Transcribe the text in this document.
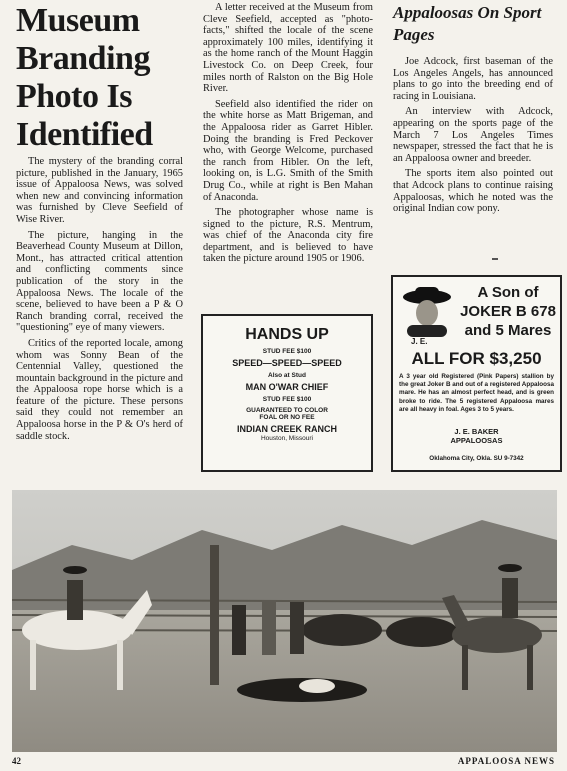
Museum Branding Photo Is Identified

The mystery of the branding corral picture, published in the January, 1965 issue of Appaloosa News, was solved when new and convincing information was furnished by Cleve Seefield of Wise River.

The picture, hanging in the Beaverhead County Museum at Dillon, Mont., has attracted critical attention and conflicting comments since publication of the story in the Appaloosa News. The locale of the scene, believed to have been a P & O Ranch branding corral, received the "questioning" eye of many viewers.

Critics of the reported locale, among whom was Sonny Bean of the Centennial Valley, questioned the mountain background in the picture and the Appaloosa rope horse which is a feature of the picture. These persons said they could not remember an Appaloosa horse in the P & O's herd of saddle stock.

A letter received at the Museum from Cleve Seefield, accepted as "photo-facts," shifted the locale of the scene approximately 100 miles, identifying it as the home ranch of the Mount Haggin Livestock Co. on Deep Creek, four miles north of Ralston on the Big Hole River.

Seefield also identified the rider on the white horse as Matt Brigeman, and the Appaloosa rider as Garret Hibler. Doing the branding is Fred Peckover who, with George Welcome, purchased the ranch from Hibler. On the left, looking on, is L.G. Smith of the Smith Drug Co., while at right is Ben Mahan of Anaconda.

The photographer whose name is signed to the picture, R.S. Mentrum, was chief of the Anaconda city fire department, and is believed to have taken the picture around 1905 or 1906.

Appaloosas On Sport Pages

Joe Adcock, first baseman of the Los Angeles Angels, has announced plans to go into the breeding end of racing in Louisiana.

An interview with Adcock, appearing on the sports page of the March 7 Los Angeles Times newspaper, stressed the fact that he is an Appaloosa owner and breeder.

The sports item also pointed out that Adcock plans to continue raising Appaloosas, which he noted was the original Indian cow pony.

HANDS UP
STUD FEE $100
SPEED—SPEED—SPEED
Also at Stud
MAN O'WAR CHIEF
STUD FEE $100
GUARANTEED TO COLOR
FOAL OR NO FEE
INDIAN CREEK RANCH
Houston, Missouri
A Son of JOKER B 678 and 5 Mares
J. E.
ALL FOR $3,250
A 3 year old Registered (Pink Papers) stallion by the great Joker B and out of a registered Appaloosa mare. He has an almost perfect head, and is green broke to ride. The 5 registered Appaloosa mares are all heavy in foal. Ages 3 to 5 years.
J. E. BAKER
APPALOOSAS
Oklahoma City, Okla. SU 9-7342
42	APPALOOSA NEWS
